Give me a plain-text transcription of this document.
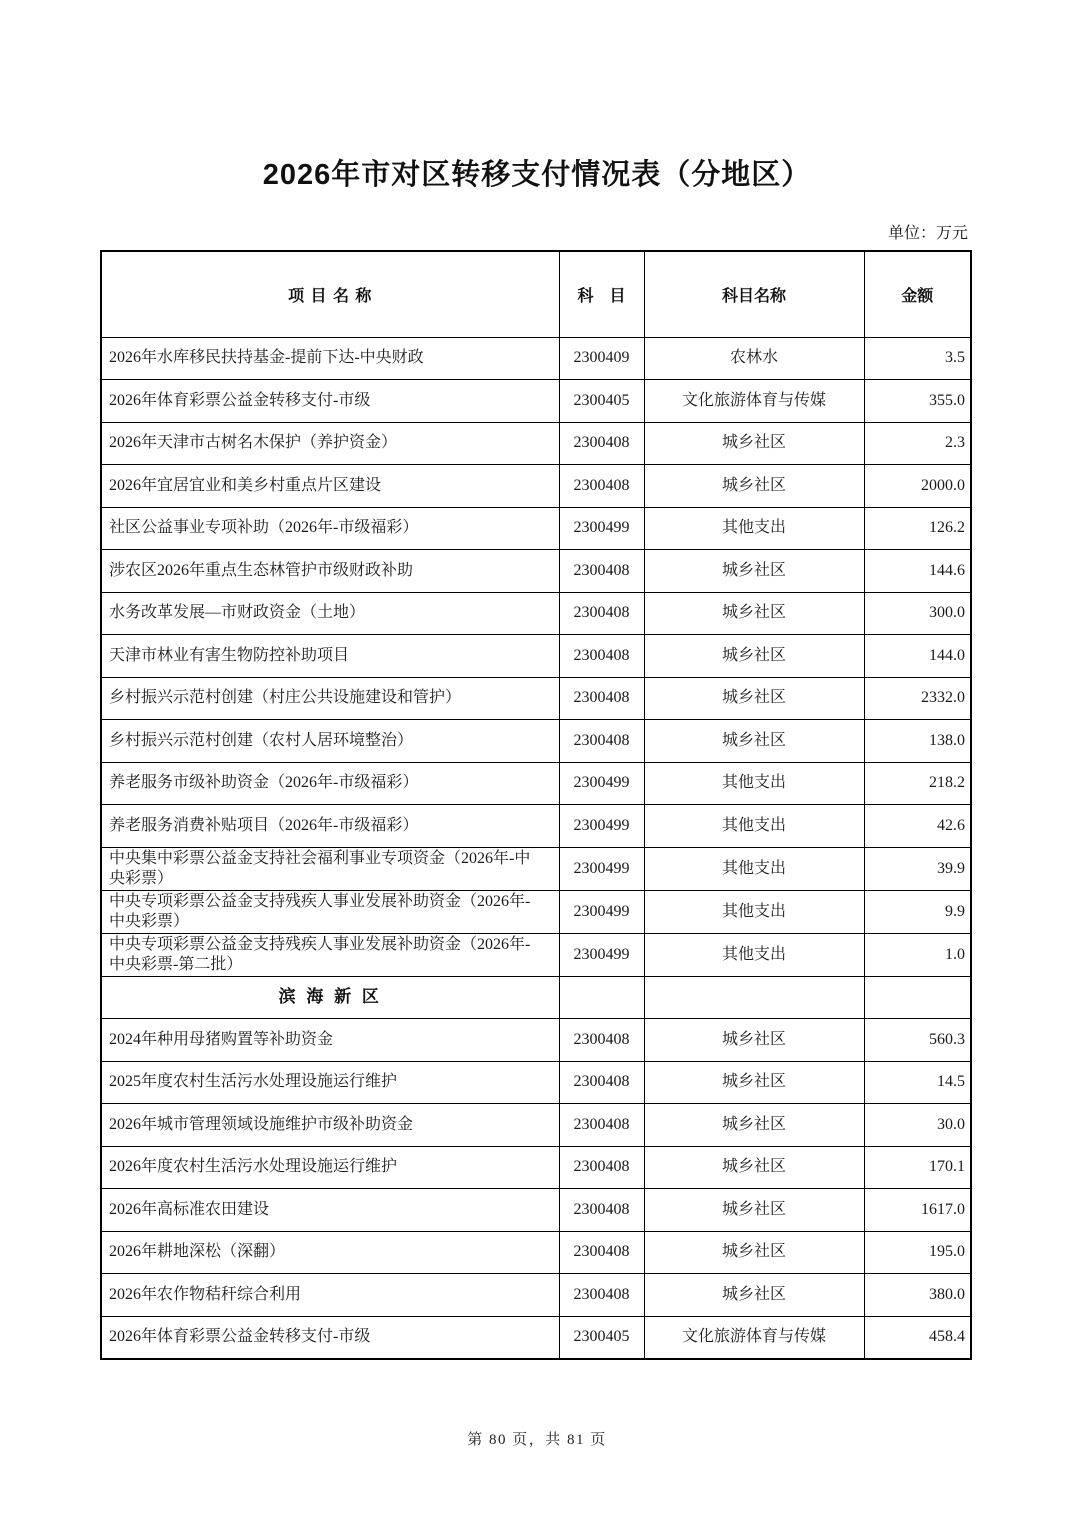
2026年市对区转移支付情况表（分地区）
单位：万元
项 目 名 称	科　目	科目名称	金额
2026年水库移民扶持基金-提前下达-中央财政	2300409	农林水	3.5
2026年体育彩票公益金转移支付-市级	2300405	文化旅游体育与传媒	355.0
2026年天津市古树名木保护（养护资金）	2300408	城乡社区	2.3
2026年宜居宜业和美乡村重点片区建设	2300408	城乡社区	2000.0
社区公益事业专项补助（2026年-市级福彩）	2300499	其他支出	126.2
涉农区2026年重点生态林管护市级财政补助	2300408	城乡社区	144.6
水务改革发展—市财政资金（土地）	2300408	城乡社区	300.0
天津市林业有害生物防控补助项目	2300408	城乡社区	144.0
乡村振兴示范村创建（村庄公共设施建设和管护）	2300408	城乡社区	2332.0
乡村振兴示范村创建（农村人居环境整治）	2300408	城乡社区	138.0
养老服务市级补助资金（2026年-市级福彩）	2300499	其他支出	218.2
养老服务消费补贴项目（2026年-市级福彩）	2300499	其他支出	42.6
中央集中彩票公益金支持社会福利事业专项资金（2026年-中央彩票）	2300499	其他支出	39.9
中央专项彩票公益金支持残疾人事业发展补助资金（2026年-中央彩票）	2300499	其他支出	9.9
中央专项彩票公益金支持残疾人事业发展补助资金（2026年-中央彩票-第二批）	2300499	其他支出	1.0
滨 海 新 区			
2024年种用母猪购置等补助资金	2300408	城乡社区	560.3
2025年度农村生活污水处理设施运行维护	2300408	城乡社区	14.5
2026年城市管理领域设施维护市级补助资金	2300408	城乡社区	30.0
2026年度农村生活污水处理设施运行维护	2300408	城乡社区	170.1
2026年高标准农田建设	2300408	城乡社区	1617.0
2026年耕地深松（深翻）	2300408	城乡社区	195.0
2026年农作物秸秆综合利用	2300408	城乡社区	380.0
2026年体育彩票公益金转移支付-市级	2300405	文化旅游体育与传媒	458.4
第 80 页，共 81 页
